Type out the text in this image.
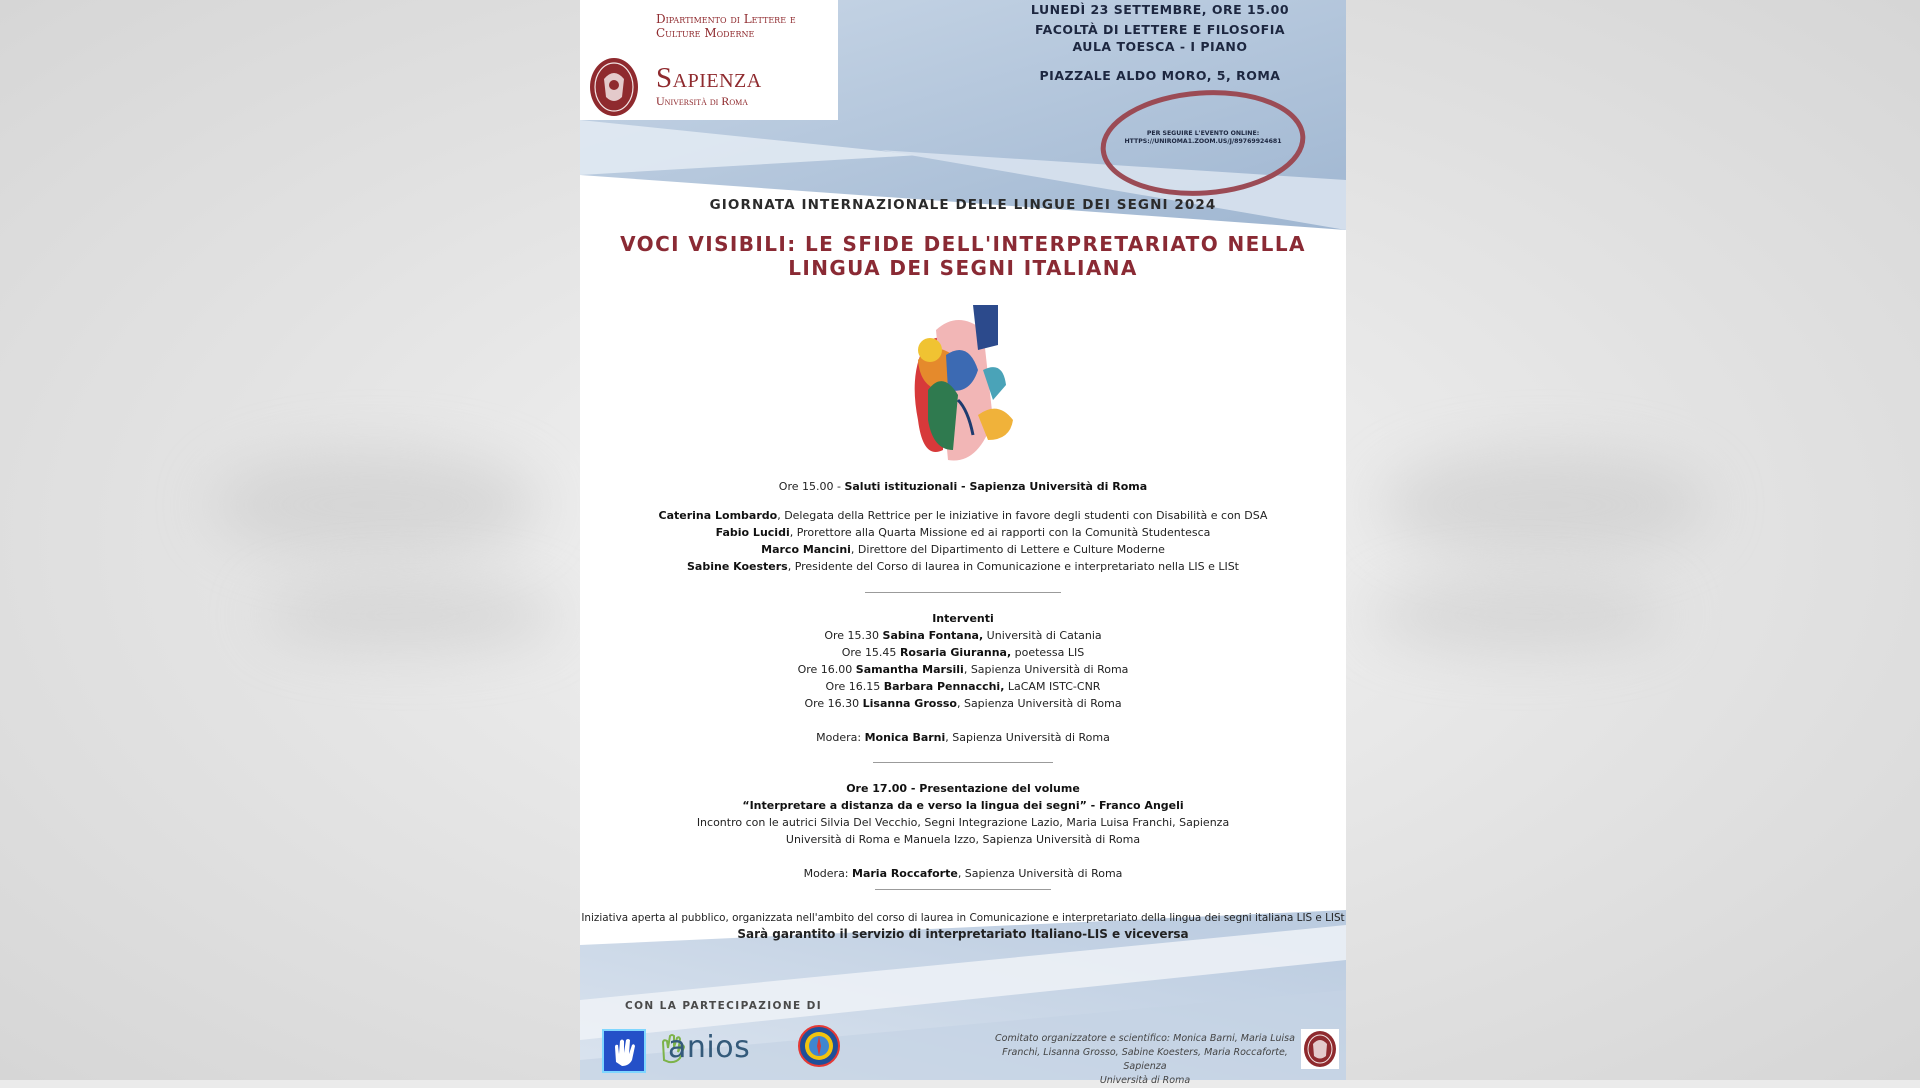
Dipartimento di Lettere e Culture Moderne
Sapienza
Università di Roma
LUNEDÌ 23 SETTEMBRE, ORE 15.00
FACOLTÀ DI LETTERE E FILOSOFIA
AULA TOESCA - I PIANO
PIAZZALE ALDO MORO, 5, ROMA
PER SEGUIRE L'EVENTO ONLINE:
HTTPS://UNIROMA1.ZOOM.US/J/89769924681
GIORNATA INTERNAZIONALE DELLE LINGUE DEI SEGNI 2024
VOCI VISIBILI: LE SFIDE DELL'INTERPRETARIATO NELLA
LINGUA DEI SEGNI ITALIANA
Ore 15.00 - Saluti istituzionali - Sapienza Università di Roma
Caterina Lombardo, Delegata della Rettrice per le iniziative in favore degli studenti con Disabilità e con DSA
Fabio Lucidi, Prorettore alla Quarta Missione ed ai rapporti con la Comunità Studentesca
Marco Mancini, Direttore del Dipartimento di Lettere e Culture Moderne
Sabine Koesters, Presidente del Corso di laurea in Comunicazione e interpretariato nella LIS e LISt
Interventi
Ore 15.30 Sabina Fontana, Università di Catania
Ore 15.45 Rosaria Giuranna, poetessa LIS
Ore 16.00 Samantha Marsili, Sapienza Università di Roma
Ore 16.15 Barbara Pennacchi, LaCAM ISTC-CNR
Ore 16.30 Lisanna Grosso, Sapienza Università di Roma
Modera: Monica Barni, Sapienza Università di Roma
Ore 17.00 - Presentazione del volume
“Interpretare a distanza da e verso la lingua dei segni” - Franco Angeli
Incontro con le autrici Silvia Del Vecchio, Segni Integrazione Lazio, Maria Luisa Franchi, Sapienza
Università di Roma e Manuela Izzo, Sapienza Università di Roma
Modera: Maria Roccaforte, Sapienza Università di Roma
Iniziativa aperta al pubblico, organizzata nell'ambito del corso di laurea in Comunicazione e interpretariato della lingua dei segni italiana LIS e LISt
Sarà garantito il servizio di interpretariato Italiano-LIS e viceversa
CON LA PARTECIPAZIONE DI
anios	Comitato organizzatore e scientifico: Monica Barni, Maria Luisa
Franchi, Lisanna Grosso, Sabine Koesters, Maria Roccaforte, Sapienza
Università di Roma
